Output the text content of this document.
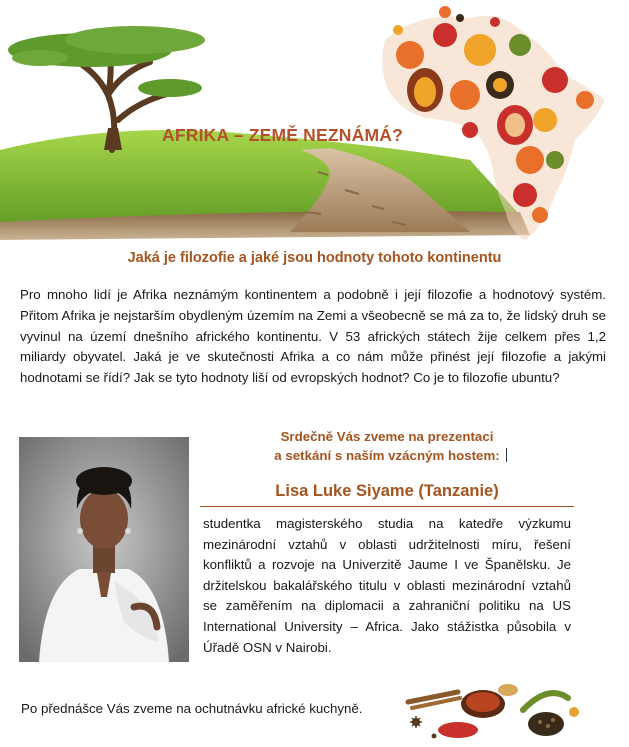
AFRIKA – ZEMĚ NEZNÁMÁ?
Jaká je filozofie a jaké jsou hodnoty tohoto kontinentu
Pro mnoho lidí je Afrika neznámým kontinentem a podobně i její filozofie a hodnotový systém. Přitom Afrika je nejstarším obydleným územím na Zemi a všeobecně se má za to, že lidský druh se vyvinul na území dnešního afrického kontinentu. V 53 afrických státech žije celkem přes 1,2 miliardy obyvatel. Jaká je ve skutečnosti Afrika a co nám může přinést její filozofie a jakými hodnotami se řídí? Jak se tyto hodnoty liší od evropských hodnot? Co je to filozofie ubuntu?
Srdečně Vás zveme na prezentaci
a setkání s naším vzácným hostem:
Lisa Luke Siyame (Tanzanie)
studentka magisterského studia na katedře výzkumu mezinárodní vztahů v oblasti udržitelnosti míru, řešení konfliktů a rozvoje na Univerzitě Jaume I ve Španělsku. Je držitelskou bakalářského titulu v oblasti mezinárodní vztahů se zaměřením na diplomacii a zahraniční politiku na US International University – Africa. Jako stážistka působila v Úřadě OSN v Nairobi.
Po přednášce Vás zveme na ochutnávku africké kuchyně.
